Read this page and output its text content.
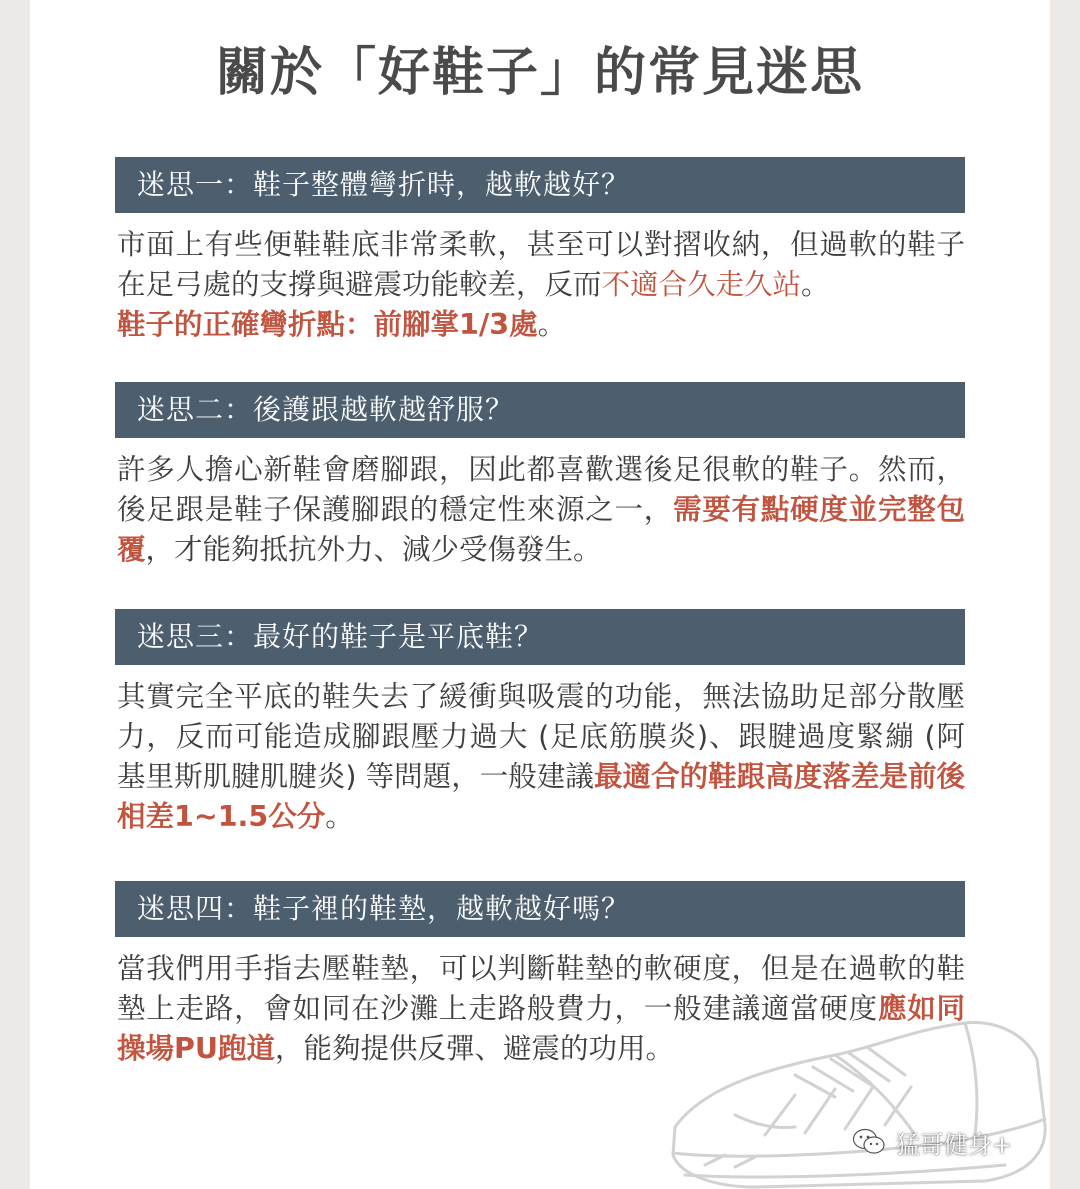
關於「好鞋子」的常見迷思
迷思一：鞋子整體彎折時，越軟越好？
市面上有些便鞋鞋底非常柔軟，甚至可以對摺收納，但過軟的鞋子在足弓處的支撐與避震功能較差，反而不適合久走久站。
鞋子的正確彎折點：前腳掌1/3處。
迷思二：後護跟越軟越舒服？
許多人擔心新鞋會磨腳跟，因此都喜歡選後足很軟的鞋子。然而，後足跟是鞋子保護腳跟的穩定性來源之一，需要有點硬度並完整包覆，才能夠抵抗外力、減少受傷發生。
迷思三：最好的鞋子是平底鞋？
其實完全平底的鞋失去了緩衝與吸震的功能，無法協助足部分散壓力，反而可能造成腳跟壓力過大 (足底筋膜炎)、跟腱過度緊繃 (阿基里斯肌腱肌腱炎) 等問題，一般建議最適合的鞋跟高度落差是前後相差1~1.5公分。
迷思四：鞋子裡的鞋墊，越軟越好嗎？
當我們用手指去壓鞋墊，可以判斷鞋墊的軟硬度，但是在過軟的鞋墊上走路，會如同在沙灘上走路般費力，一般建議適當硬度應如同操場PU跑道，能夠提供反彈、避震的功用。
猛哥健身+
